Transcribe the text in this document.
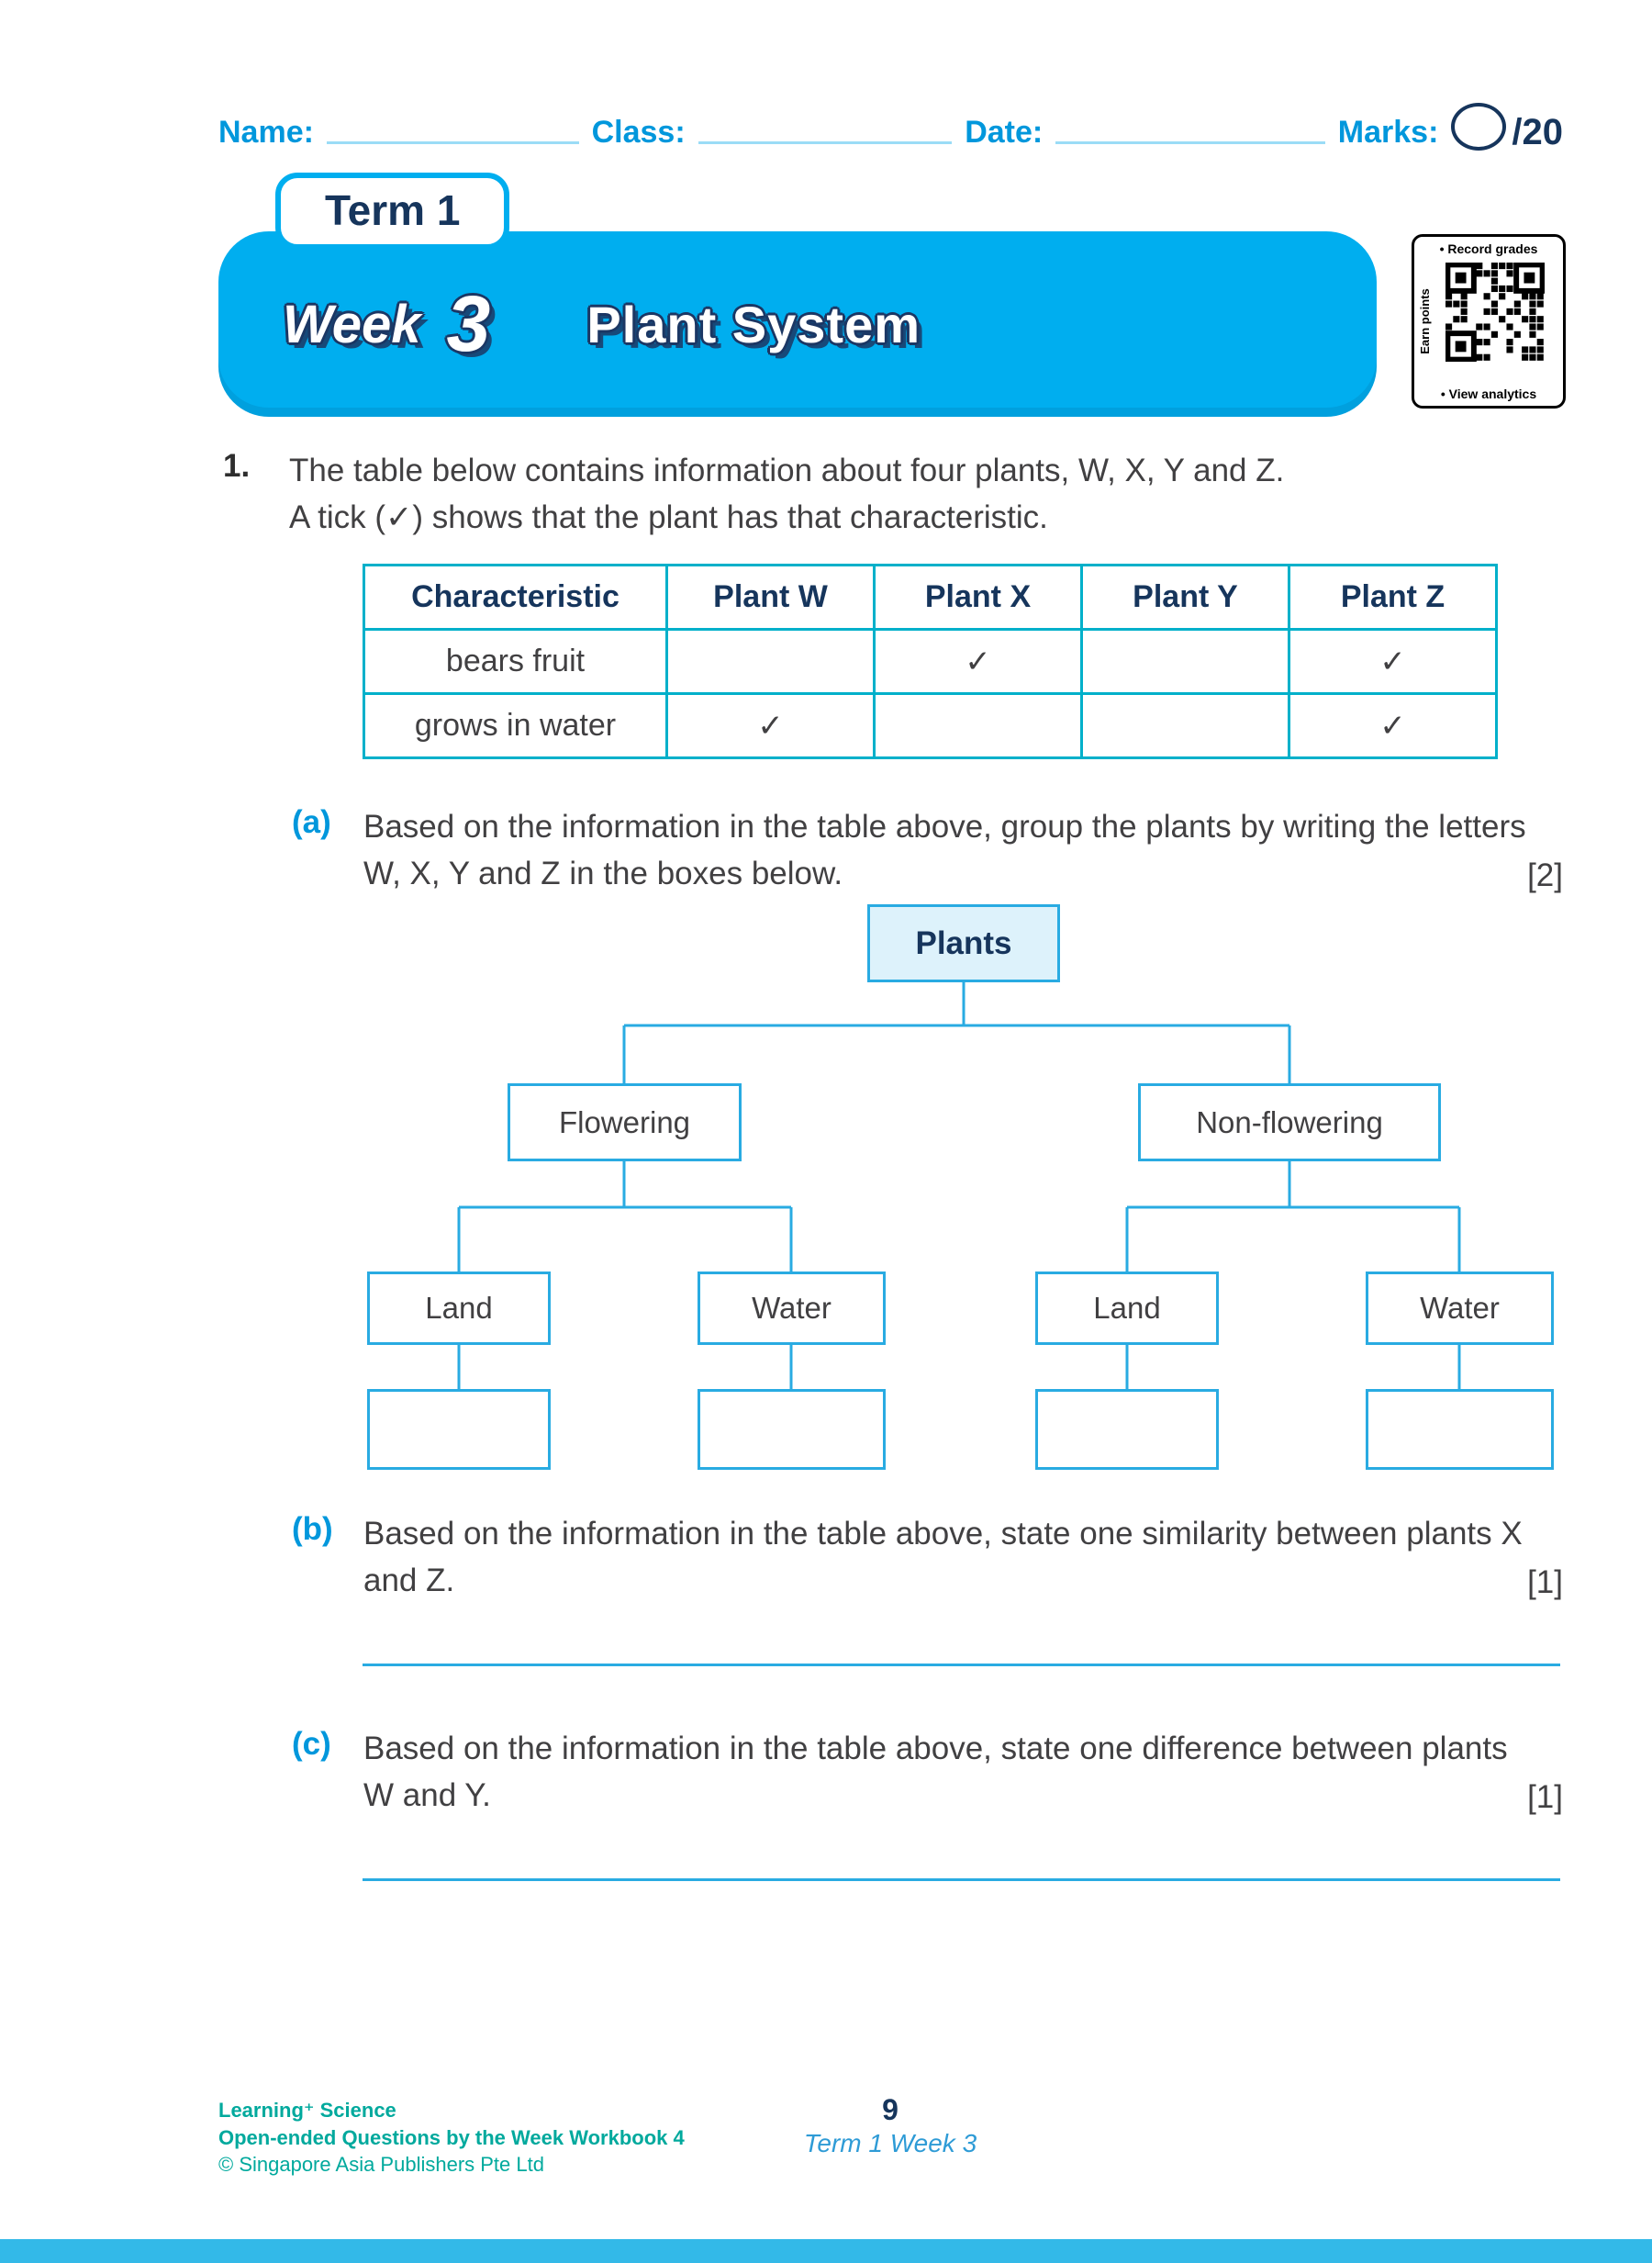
Name:	Class:	Date:	Marks: /20
Term 1
Week 3 Plant System
• Record grades
Earn points
• View analytics
1.	The table below contains information about four plants, W, X, Y and Z.
A tick (✓) shows that the plant has that characteristic.
Characteristic	Plant W	Plant X	Plant Y	Plant Z
bears fruit		✓		✓
grows in water	✓			✓
(a)	Based on the information in the table above, group the plants by writing the letters W, X, Y and Z in the boxes below.	[2]
Plants
Flowering	Non-flowering
Land	Water	Land	Water
(b) Based on the information in the table above, state one similarity between plants X and Z.	[1]
(c)	Based on the information in the table above, state one difference between plants W and Y.	[1]
Learning⁺ Science
Open-ended Questions by the Week Workbook 4
© Singapore Asia Publishers Pte Ltd
9
Term 1 Week 3
